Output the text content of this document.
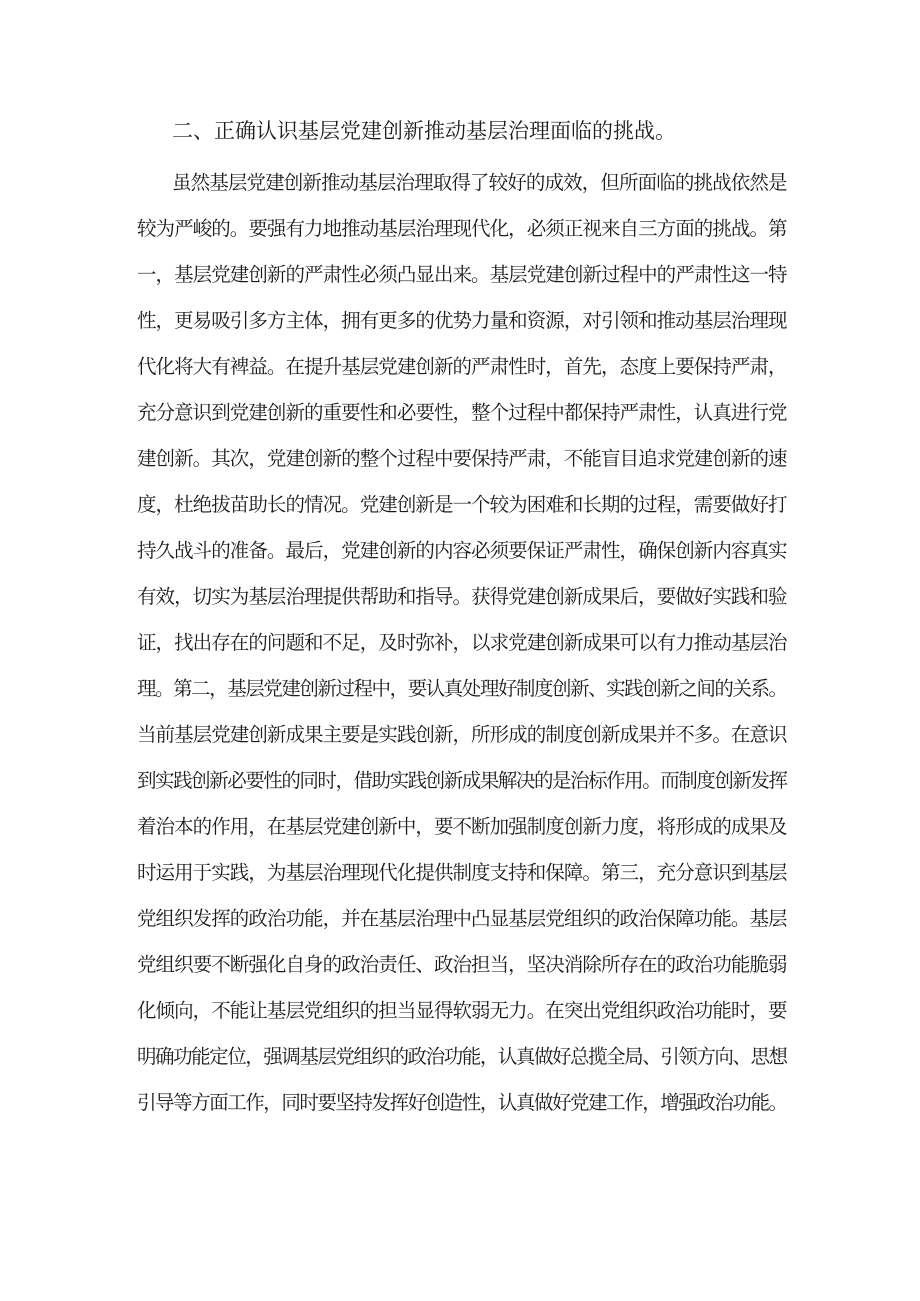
二、正确认识基层党建创新推动基层治理面临的挑战。
虽然基层党建创新推动基层治理取得了较好的成效，但所面临的挑战依然是
较为严峻的。要强有力地推动基层治理现代化，必须正视来自三方面的挑战。第
一，基层党建创新的严肃性必须凸显出来。基层党建创新过程中的严肃性这一特
性，更易吸引多方主体，拥有更多的优势力量和资源，对引领和推动基层治理现
代化将大有裨益。在提升基层党建创新的严肃性时，首先，态度上要保持严肃，
充分意识到党建创新的重要性和必要性，整个过程中都保持严肃性，认真进行党
建创新。其次，党建创新的整个过程中要保持严肃，不能盲目追求党建创新的速
度，杜绝拔苗助长的情况。党建创新是一个较为困难和长期的过程，需要做好打
持久战斗的准备。最后，党建创新的内容必须要保证严肃性，确保创新内容真实
有效，切实为基层治理提供帮助和指导。获得党建创新成果后，要做好实践和验
证，找出存在的问题和不足，及时弥补，以求党建创新成果可以有力推动基层治
理。第二，基层党建创新过程中，要认真处理好制度创新、实践创新之间的关系。
当前基层党建创新成果主要是实践创新，所形成的制度创新成果并不多。在意识
到实践创新必要性的同时，借助实践创新成果解决的是治标作用。而制度创新发挥
着治本的作用，在基层党建创新中，要不断加强制度创新力度，将形成的成果及
时运用于实践，为基层治理现代化提供制度支持和保障。第三，充分意识到基层
党组织发挥的政治功能，并在基层治理中凸显基层党组织的政治保障功能。基层
党组织要不断强化自身的政治责任、政治担当，坚决消除所存在的政治功能脆弱
化倾向，不能让基层党组织的担当显得软弱无力。在突出党组织政治功能时，要
明确功能定位，强调基层党组织的政治功能，认真做好总揽全局、引领方向、思想
引导等方面工作，同时要坚持发挥好创造性，认真做好党建工作，增强政治功能。
